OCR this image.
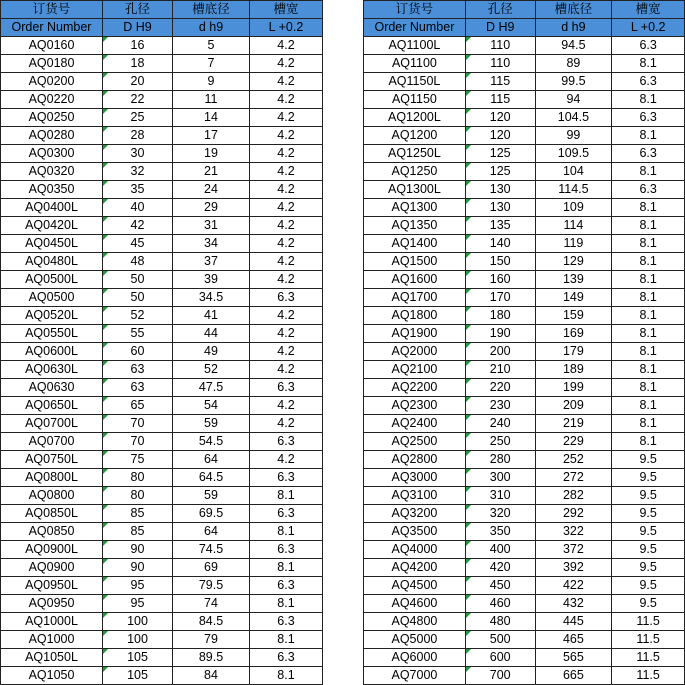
订货号	孔径	槽底径	槽宽
Order Number	D H9	d h9	L +0.2
AQ0160	16	5	4.2
AQ0180	18	7	4.2
AQ0200	20	9	4.2
AQ0220	22	11	4.2
AQ0250	25	14	4.2
AQ0280	28	17	4.2
AQ0300	30	19	4.2
AQ0320	32	21	4.2
AQ0350	35	24	4.2
AQ0400L	40	29	4.2
AQ0420L	42	31	4.2
AQ0450L	45	34	4.2
AQ0480L	48	37	4.2
AQ0500L	50	39	4.2
AQ0500	50	34.5	6.3
AQ0520L	52	41	4.2
AQ0550L	55	44	4.2
AQ0600L	60	49	4.2
AQ0630L	63	52	4.2
AQ0630	63	47.5	6.3
AQ0650L	65	54	4.2
AQ0700L	70	59	4.2
AQ0700	70	54.5	6.3
AQ0750L	75	64	4.2
AQ0800L	80	64.5	6.3
AQ0800	80	59	8.1
AQ0850L	85	69.5	6.3
AQ0850	85	64	8.1
AQ0900L	90	74.5	6.3
AQ0900	90	69	8.1
AQ0950L	95	79.5	6.3
AQ0950	95	74	8.1
AQ1000L	100	84.5	6.3
AQ1000	100	79	8.1
AQ1050L	105	89.5	6.3
AQ1050	105	84	8.1
订货号	孔径	槽底径	槽宽
Order Number	D H9	d h9	L +0.2
AQ1100L	110	94.5	6.3
AQ1100	110	89	8.1
AQ1150L	115	99.5	6.3
AQ1150	115	94	8.1
AQ1200L	120	104.5	6.3
AQ1200	120	99	8.1
AQ1250L	125	109.5	6.3
AQ1250	125	104	8.1
AQ1300L	130	114.5	6.3
AQ1300	130	109	8.1
AQ1350	135	114	8.1
AQ1400	140	119	8.1
AQ1500	150	129	8.1
AQ1600	160	139	8.1
AQ1700	170	149	8.1
AQ1800	180	159	8.1
AQ1900	190	169	8.1
AQ2000	200	179	8.1
AQ2100	210	189	8.1
AQ2200	220	199	8.1
AQ2300	230	209	8.1
AQ2400	240	219	8.1
AQ2500	250	229	8.1
AQ2800	280	252	9.5
AQ3000	300	272	9.5
AQ3100	310	282	9.5
AQ3200	320	292	9.5
AQ3500	350	322	9.5
AQ4000	400	372	9.5
AQ4200	420	392	9.5
AQ4500	450	422	9.5
AQ4600	460	432	9.5
AQ4800	480	445	11.5
AQ5000	500	465	11.5
AQ6000	600	565	11.5
AQ7000	700	665	11.5
